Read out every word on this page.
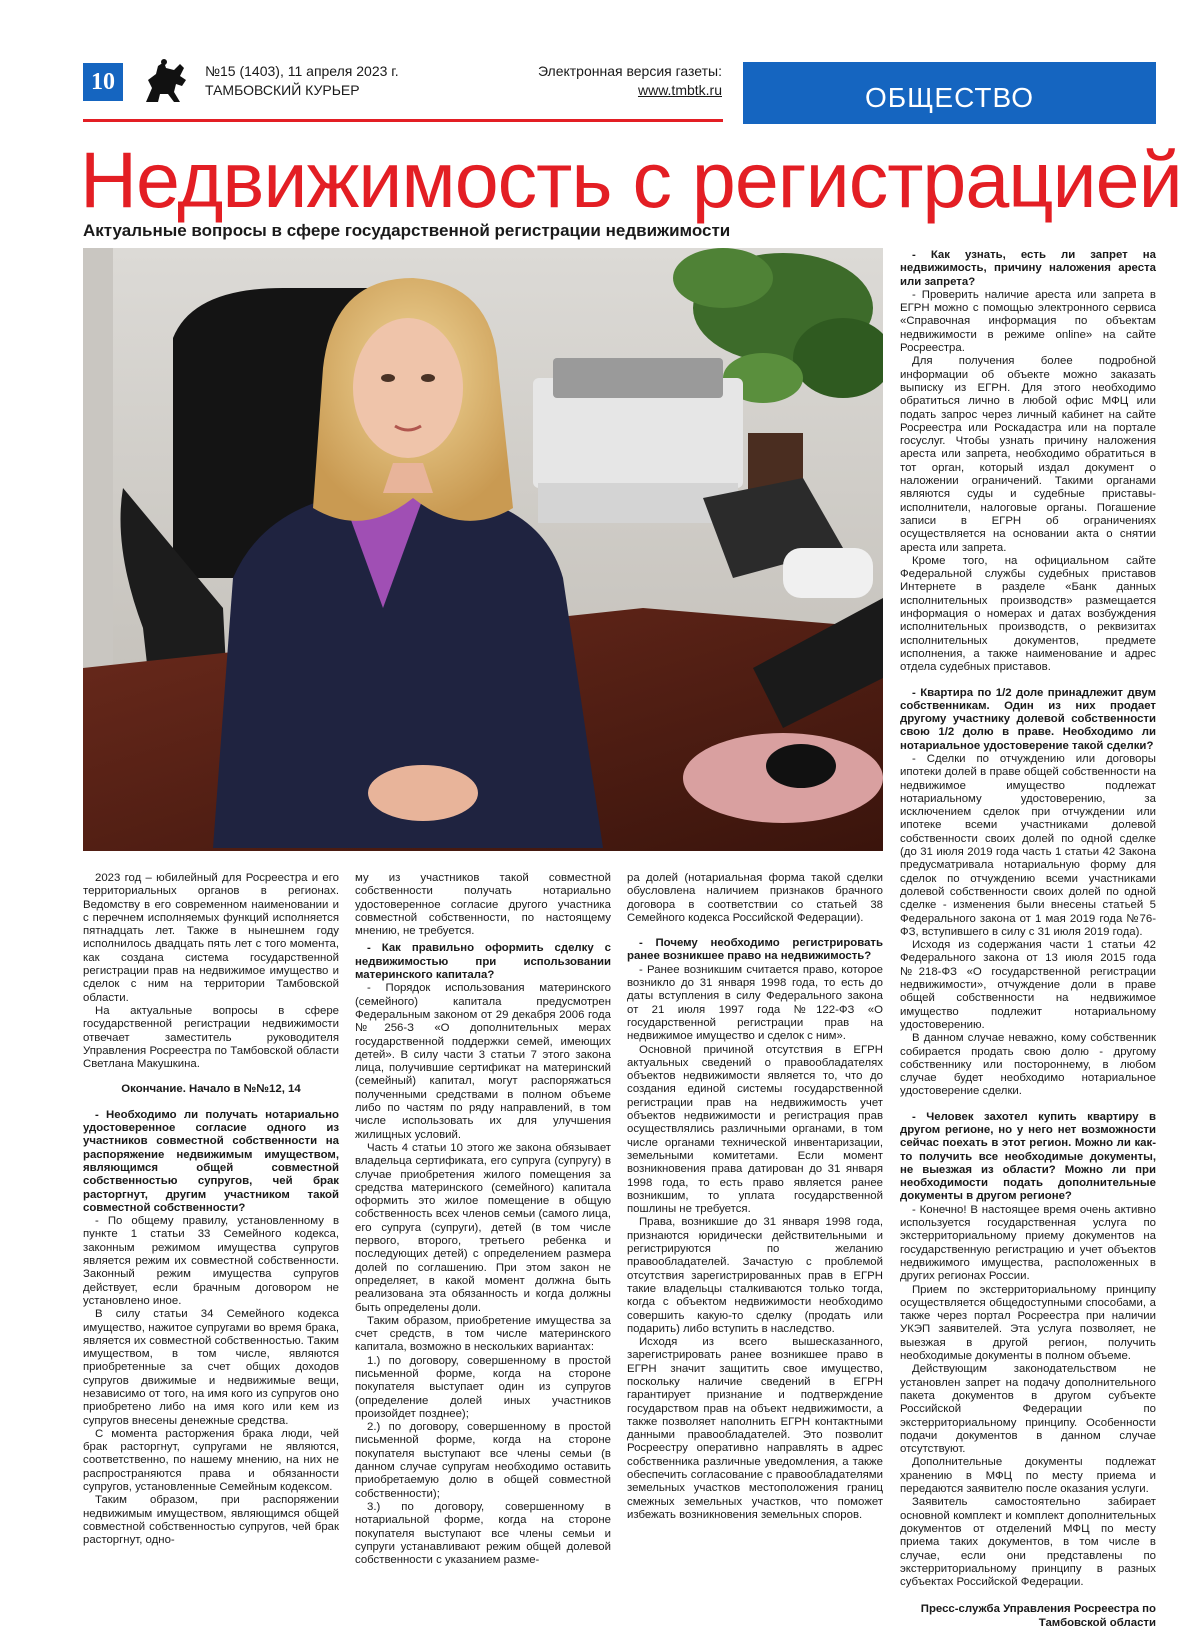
10	№15 (1403), 11 апреля 2023 г.
ТАМБОВСКИЙ КУРЬЕР
Электронная версия газеты:
www.tmbtk.ru	ОБЩЕСТВО
Недвижимость с регистрацией
Актуальные вопросы в сфере государственной регистрации недвижимости

2023 год – юбилейный для Росреестра и его территориальных органов в регионах. Ведомству в его современном наименовании и с перечнем исполняемых функций исполняется пятнадцать лет. Также в нынешнем году исполнилось двадцать пять лет с того момента, как создана система государственной регистрации прав на недвижимое имущество и сделок с ним на территории Тамбовской области.

На актуальные вопросы в сфере государственной регистрации недвижимости отвечает заместитель руководителя Управления Росреестра по Тамбовской области Светлана Макушкина.

Окончание. Начало в №№12, 14

- Необходимо ли получать нотариально удостоверенное согласие одного из участников совместной собственности на распоряжение недвижимым имуществом, являющимся общей совместной собственностью супругов, чей брак расторгнут, другим участником такой совместной собственности?

- По общему правилу, установленному в пункте 1 статьи 33 Семейного кодекса, законным режимом имущества супругов является режим их совместной собственности. Законный режим имущества супругов действует, если брачным договором не установлено иное.

В силу статьи 34 Семейного кодекса имущество, нажитое супругами во время брака, является их совместной собственностью. Таким имуществом, в том числе, являются приобретенные за счет общих доходов супругов движимые и недвижимые вещи, независимо от того, на имя кого из супругов оно приобретено либо на имя кого или кем из супругов внесены денежные средства.

С момента расторжения брака люди, чей брак расторгнут, супругами не являются, соответственно, по нашему мнению, на них не распространяются права и обязанности супругов, установленные Семейным кодексом.

Таким образом, при распоряжении недвижимым имуществом, являющимся общей совместной собственностью супругов, чей брак расторгнут, одно-

му из участников такой совместной собственности получать нотариально удостоверенное согласие другого участника совместной собственности, по настоящему мнению, не требуется.

- Как правильно оформить сделку с недвижимостью при использовании материнского капитала?

- Порядок использования материнского (семейного) капитала предусмотрен Федеральным законом от 29 декабря 2006 года №256-З «О дополнительных мерах государственной поддержки семей, имеющих детей». В силу части 3 статьи 7 этого закона лица, получившие сертификат на материнский (семейный) капитал, могут распоряжаться полученными средствами в полном объеме либо по частям по ряду направлений, в том числе использовать их для улучшения жилищных условий.

Часть 4 статьи 10 этого же закона обязывает владельца сертификата, его супруга (супругу) в случае приобретения жилого помещения за средства материнского (семейного) капитала оформить это жилое помещение в общую собственность всех членов семьи (самого лица, его супруга (супруги), детей (в том числе первого, второго, третьего ребенка и последующих детей) с определением размера долей по соглашению. При этом закон не определяет, в какой момент должна быть реализована эта обязанность и когда должны быть определены доли.

Таким образом, приобретение имущества за счет средств, в том числе материнского капитала, возможно в нескольких вариантах:

1.) по договору, совершенному в простой письменной форме, когда на стороне покупателя выступает один из супругов (определение долей иных участников произойдет позднее);

2.) по договору, совершенному в простой письменной форме, когда на стороне покупателя выступают все члены семьи (в данном случае супругам необходимо оставить приобретаемую долю в общей совместной собственности);

3.) по договору, совершенному в нотариальной форме, когда на стороне покупателя выступают все члены семьи и супруги устанавливают режим общей долевой собственности с указанием разме-

ра долей (нотариальная форма такой сделки обусловлена наличием признаков брачного договора в соответствии со статьей 38 Семейного кодекса Российской Федерации).

- Почему необходимо регистрировать ранее возникшее право на недвижимость?

- Ранее возникшим считается право, которое возникло до 31 января 1998 года, то есть до даты вступления в силу Федерального закона от 21 июля 1997 года №122-ФЗ «О государственной регистрации прав на недвижимое имущество и сделок с ним».

Основной причиной отсутствия в ЕГРН актуальных сведений о правообладателях объектов недвижимости является то, что до создания единой системы государственной регистрации прав на недвижимость учет объектов недвижимости и регистрация прав осуществлялись различными органами, в том числе органами технической инвентаризации, земельными комитетами. Если момент возникновения права датирован до 31 января 1998 года, то есть право является ранее возникшим, то уплата государственной пошлины не требуется.

Права, возникшие до 31 января 1998 года, признаются юридически действительными и регистрируются по желанию правообладателей. Зачастую с проблемой отсутствия зарегистрированных прав в ЕГРН такие владельцы сталкиваются только тогда, когда с объектом недвижимости необходимо совершить какую-то сделку (продать или подарить) либо вступить в наследство.

Исходя из всего вышесказанного, зарегистрировать ранее возникшее право в ЕГРН значит защитить свое имущество, поскольку наличие сведений в ЕГРН гарантирует признание и подтверждение государством прав на объект недвижимости, а также позволяет наполнить ЕГРН контактными данными правообладателей. Это позволит Росреестру оперативно направлять в адрес собственника различные уведомления, а также обеспечить согласование с правообладателями земельных участков местоположения границ смежных земельных участков, что поможет избежать возникновения земельных споров.

- Как узнать, есть ли запрет на недвижимость, причину наложения ареста или запрета?

- Проверить наличие ареста или запрета в ЕГРН можно с помощью электронного сервиса «Справочная информация по объектам недвижимости в режиме online» на сайте Росреестра.

Для получения более подробной информации об объекте можно заказать выписку из ЕГРН. Для этого необходимо обратиться лично в любой офис МФЦ или подать запрос через личный кабинет на сайте Росреестра или Роскадастра или на портале госуслуг. Чтобы узнать причину наложения ареста или запрета, необходимо обратиться в тот орган, который издал документ о наложении ограничений. Такими органами являются суды и судебные приставы-исполнители, налоговые органы. Погашение записи в ЕГРН об ограничениях осуществляется на основании акта о снятии ареста или запрета.

Кроме того, на официальном сайте Федеральной службы судебных приставов Интернете в разделе «Банк данных исполнительных производств» размещается информация о номерах и датах возбуждения исполнительных производств, о реквизитах исполнительных документов, предмете исполнения, а также наименование и адрес отдела судебных приставов.

- Квартира по 1/2 доле принадлежит двум собственникам. Один из них продает другому участнику долевой собственности свою 1/2 долю в праве. Необходимо ли нотариальное удостоверение такой сделки?

- Сделки по отчуждению или договоры ипотеки долей в праве общей собственности на недвижимое имущество подлежат нотариальному удостоверению, за исключением сделок при отчуждении или ипотеке всеми участниками долевой собственности своих долей по одной сделке (до 31 июля 2019 года часть 1 статьи 42 Закона предусматривала нотариальную форму для сделок по отчуждению всеми участниками долевой собственности своих долей по одной сделке - изменения были внесены статьей 5 Федерального закона от 1 мая 2019 года №76-ФЗ, вступившего в силу с 31 июля 2019 года).

Исходя из содержания части 1 статьи 42 Федерального закона от 13 июля 2015 года №218-ФЗ «О государственной регистрации недвижимости», отчуждение доли в праве общей собственности на недвижимое имущество подлежит нотариальному удостоверению.

В данном случае неважно, кому собственник собирается продать свою долю - другому собственнику или постороннему, в любом случае будет необходимо нотариальное удостоверение сделки.

- Человек захотел купить квартиру в другом регионе, но у него нет возможности сейчас поехать в этот регион. Можно ли как-то получить все необходимые документы, не выезжая из области? Можно ли при необходимости подать дополнительные документы в другом регионе?

- Конечно! В настоящее время очень активно используется государственная услуга по экстерриториальному приему документов на государственную регистрацию и учет объектов недвижимого имущества, расположенных в других регионах России.

Прием по экстерриториальному принципу осуществляется общедоступными способами, а также через портал Росреестра при наличии УКЭП заявителей. Эта услуга позволяет, не выезжая в другой регион, получить необходимые документы в полном объеме.

Действующим законодательством не установлен запрет на подачу дополнительного пакета документов в другом субъекте Российской Федерации по экстерриториальному принципу. Особенности подачи документов в данном случае отсутствуют.

Дополнительные документы подлежат хранению в МФЦ по месту приема и передаются заявителю после оказания услуги.

Заявитель самостоятельно забирает основной комплект и комплект дополнительных документов от отделений МФЦ по месту приема таких документов, в том числе в случае, если они представлены по экстерриториальному принципу в разных субъектах Российской Федерации.

Пресс-служба Управления Росреестра по Тамбовской области
